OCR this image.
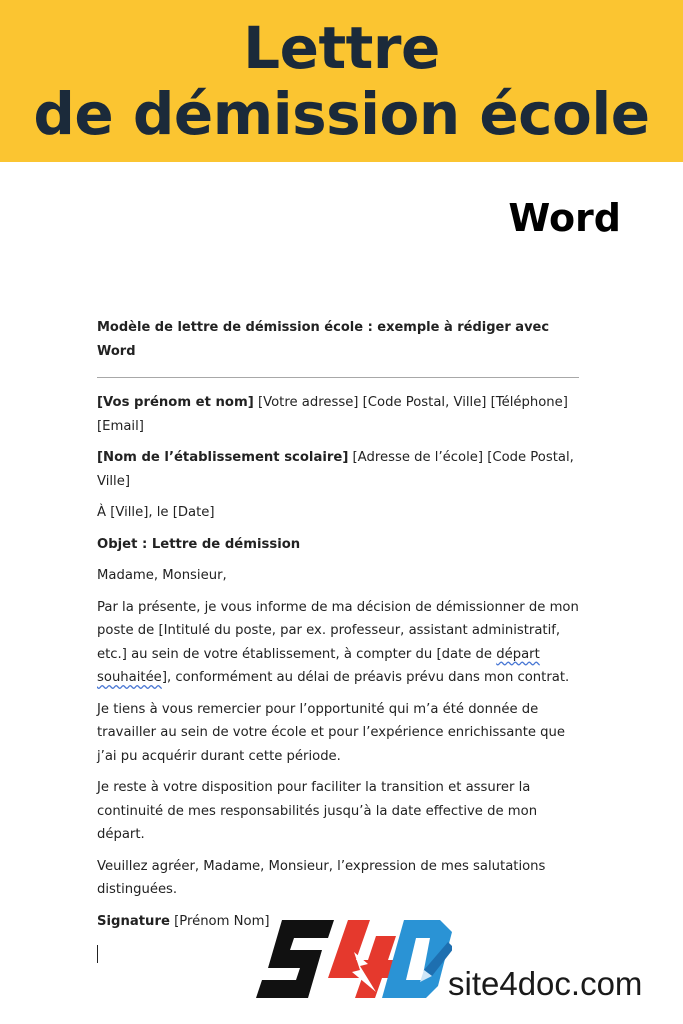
Lettre
de démission école
Word
Modèle de lettre de démission école : exemple à rédiger avec Word

[Vos prénom et nom] [Votre adresse] [Code Postal, Ville] [Téléphone] [Email]

[Nom de l’établissement scolaire] [Adresse de l’école] [Code Postal, Ville]

À [Ville], le [Date]

Objet : Lettre de démission

Madame, Monsieur,

Par la présente, je vous informe de ma décision de démissionner de mon poste de [Intitulé du poste, par ex. professeur, assistant administratif, etc.] au sein de votre établissement, à compter du [date de départ souhaitée], conformément au délai de préavis prévu dans mon contrat.

Je tiens à vous remercier pour l’opportunité qui m’a été donnée de travailler au sein de votre école et pour l’expérience enrichissante que j’ai pu acquérir durant cette période.

Je reste à votre disposition pour faciliter la transition et assurer la continuité de mes responsabilités jusqu’à la date effective de mon départ.

Veuillez agréer, Madame, Monsieur, l’expression de mes salutations distinguées.

Signature [Prénom Nom]

site4doc.com
